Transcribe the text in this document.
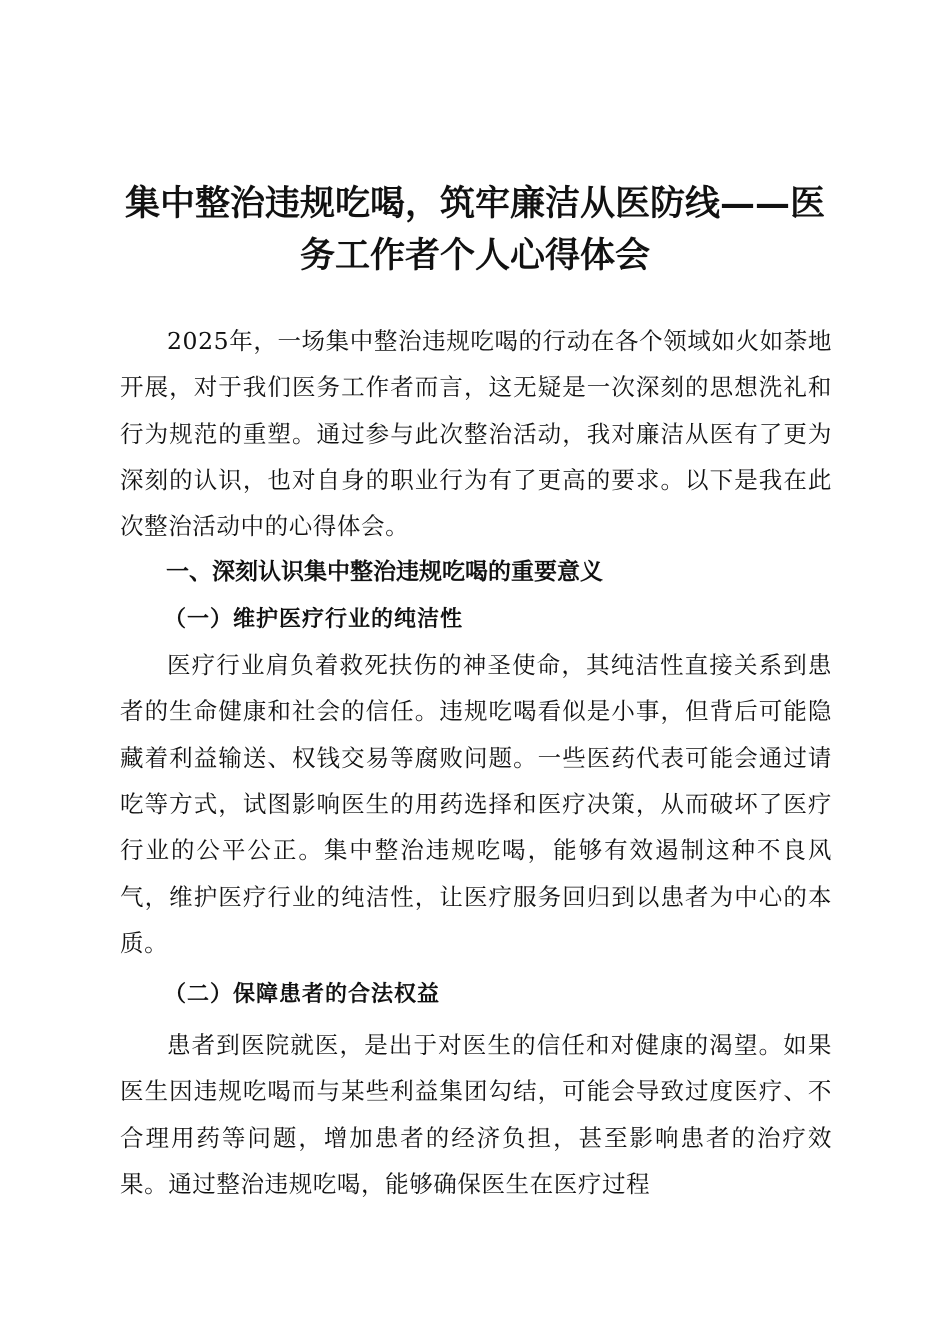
集中整治违规吃喝，筑牢廉洁从医防线——医务工作者个人心得体会

2025年，一场集中整治违规吃喝的行动在各个领域如火如荼地开展，对于我们医务工作者而言，这无疑是一次深刻的思想洗礼和行为规范的重塑。通过参与此次整治活动，我对廉洁从医有了更为深刻的认识，也对自身的职业行为有了更高的要求。以下是我在此次整治活动中的心得体会。

一、深刻认识集中整治违规吃喝的重要意义

（一）维护医疗行业的纯洁性

医疗行业肩负着救死扶伤的神圣使命，其纯洁性直接关系到患者的生命健康和社会的信任。违规吃喝看似是小事，但背后可能隐藏着利益输送、权钱交易等腐败问题。一些医药代表可能会通过请吃等方式，试图影响医生的用药选择和医疗决策，从而破坏了医疗行业的公平公正。集中整治违规吃喝，能够有效遏制这种不良风气，维护医疗行业的纯洁性，让医疗服务回归到以患者为中心的本质。

（二）保障患者的合法权益

患者到医院就医，是出于对医生的信任和对健康的渴望。如果医生因违规吃喝而与某些利益集团勾结，可能会导致过度医疗、不合理用药等问题，增加患者的经济负担，甚至影响患者的治疗效果。通过整治违规吃喝，能够确保医生在医疗过程
